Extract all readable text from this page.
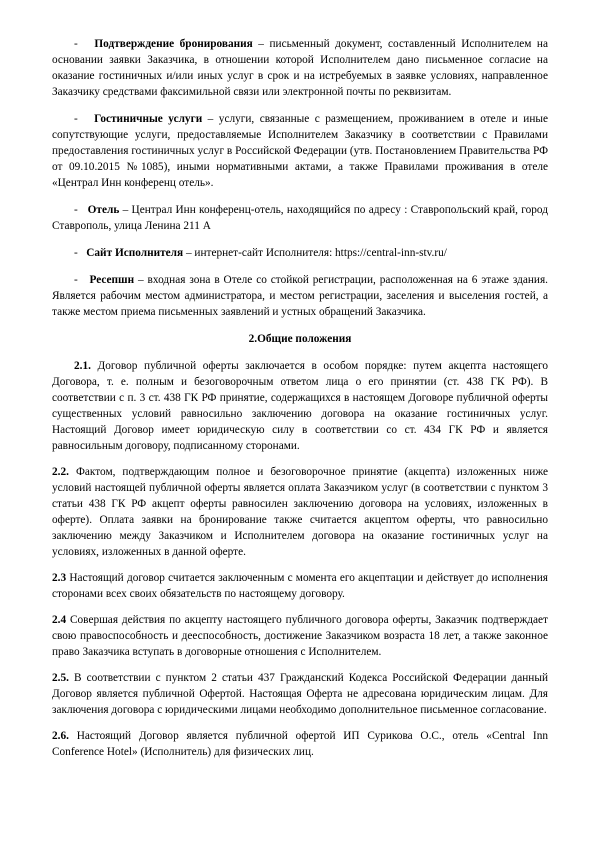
- Подтверждение бронирования – письменный документ, составленный Исполнителем на основании заявки Заказчика, в отношении которой Исполнителем дано письменное согласие на оказание гостиничных и/или иных услуг в срок и на истребуемых в заявке условиях, направленное Заказчику средствами факсимильной связи или электронной почты по реквизитам.

- Гостиничные услуги – услуги, связанные с размещением, проживанием в отеле и иные сопутствующие услуги, предоставляемые Исполнителем Заказчику в соответствии с Правилами предоставления гостиничных услуг в Российской Федерации (утв. Постановлением Правительства РФ от 09.10.2015 №1085), иными нормативными актами, а также Правилами проживания в отеле «Централ Инн конференц отель».

- Отель – Централ Инн конференц-отель, находящийся по адресу : Ставропольский край, город Ставрополь, улица Ленина 211 А

- Сайт Исполнителя – интернет-сайт Исполнителя: https://central-inn-stv.ru/

- Ресепшн – входная зона в Отеле со стойкой регистрации, расположенная на 6 этаже здания. Является рабочим местом администратора, и местом регистрации, заселения и выселения гостей, а также местом приема письменных заявлений и устных обращений Заказчика.

2.Общие положения

2.1. Договор публичной оферты заключается в особом порядке: путем акцепта настоящего Договора, т. е. полным и безоговорочным ответом лица о его принятии (ст. 438 ГК РФ). В соответствии с п. 3 ст. 438 ГК РФ принятие, содержащихся в настоящем Договоре публичной оферты существенных условий равносильно заключению договора на оказание гостиничных услуг. Настоящий Договор имеет юридическую силу в соответствии со ст. 434 ГК РФ и является равносильным договору, подписанному сторонами.

2.2. Фактом, подтверждающим полное и безоговорочное принятие (акцепта) изложенных ниже условий настоящей публичной оферты является оплата Заказчиком услуг (в соответствии с пунктом 3 статьи 438 ГК РФ акцепт оферты равносилен заключению договора на условиях, изложенных в оферте). Оплата заявки на бронирование также считается акцептом оферты, что равносильно заключению между Заказчиком и Исполнителем договора на оказание гостиничных услуг на условиях, изложенных в данной оферте.

2.3 Настоящий договор считается заключенным с момента его акцептации и действует до исполнения сторонами всех своих обязательств по настоящему договору.

2.4 Совершая действия по акцепту настоящего публичного договора оферты, Заказчик подтверждает свою правоспособность и дееспособность, достижение Заказчиком возраста 18 лет, а также законное право Заказчика вступать в договорные отношения с Исполнителем.

2.5. В соответствии с пунктом 2 статьи 437 Гражданский Кодекса Российской Федерации данный Договор является публичной Офертой. Настоящая Оферта не адресована юридическим лицам. Для заключения договора с юридическими лицами необходимо дополнительное письменное согласование.

2.6. Настоящий Договор является публичной офертой ИП Сурикова О.С., отель «Central Inn Conference Hotel» (Исполнитель) для физических лиц.
